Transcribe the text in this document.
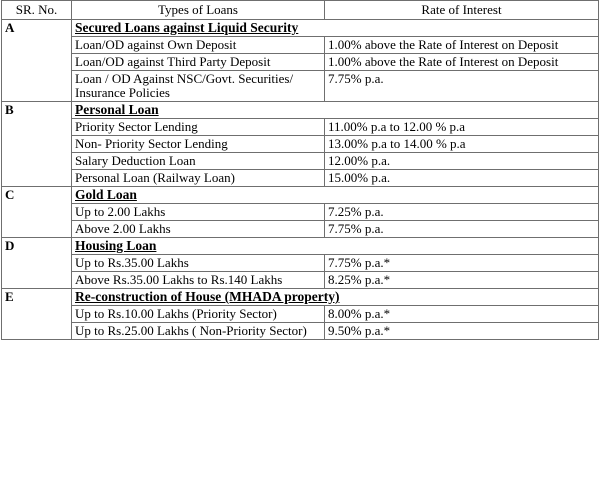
SR. No.	Types of Loans	Rate of Interest
A	Secured Loans against Liquid Security	
	Loan/OD against Own Deposit	1.00% above the Rate of Interest on Deposit
	Loan/OD against Third Party Deposit	1.00% above the Rate of Interest on Deposit
	Loan / OD Against NSC/Govt. Securities/ Insurance Policies	7.75% p.a.
B	Personal Loan	
	Priority Sector Lending	11.00% p.a to 12.00 % p.a
	Non- Priority Sector Lending	13.00% p.a to 14.00 % p.a
	Salary Deduction Loan	12.00% p.a.
	Personal Loan (Railway Loan)	15.00% p.a.
C	Gold Loan	
	Up to 2.00 Lakhs	7.25% p.a.
	Above 2.00 Lakhs	7.75% p.a.
D	Housing Loan	
	Up to Rs.35.00 Lakhs	7.75% p.a.*
	Above Rs.35.00 Lakhs to Rs.140 Lakhs	8.25% p.a.*
E	Re-construction of House (MHADA property)	
	Up to Rs.10.00 Lakhs (Priority Sector)	8.00% p.a.*
	Up to Rs.25.00 Lakhs ( Non-Priority Sector)	9.50% p.a.*
